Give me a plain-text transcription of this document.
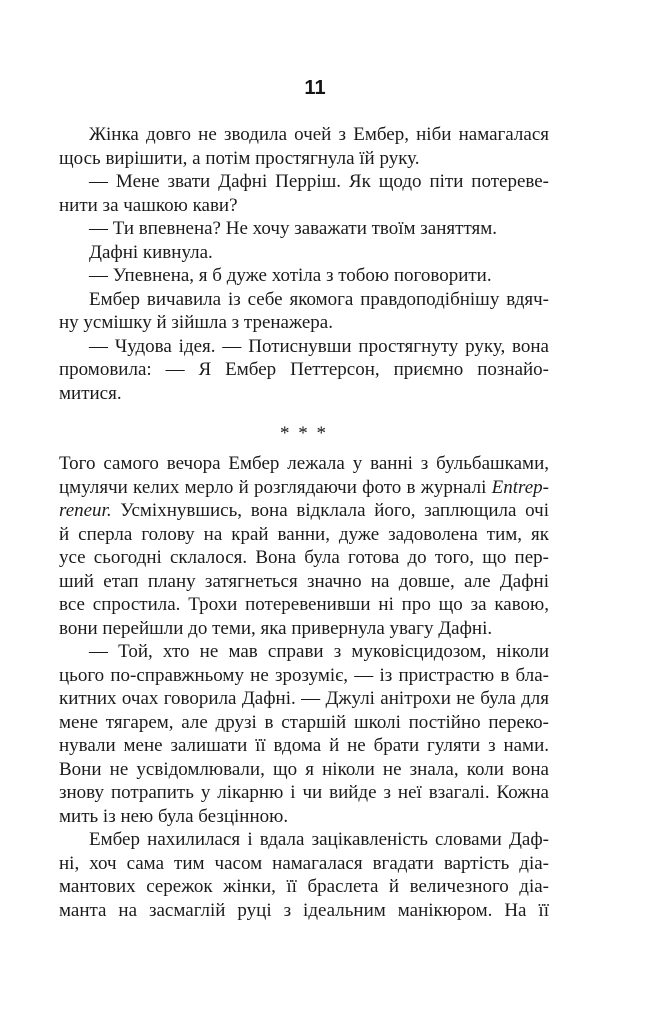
11
Жінка довго не зводила очей з Ембер, ніби намагалася
щось вирішити, а потім простягнула їй руку.
— Мене звати Дафні Перріш. Як щодо піти потереве-
нити за чашкою кави?
— Ти впевнена? Не хочу заважати твоїм заняттям.
Дафні кивнула.
— Упевнена, я б дуже хотіла з тобою поговорити.
Ембер вичавила із себе якомога правдоподібнішу вдяч-
ну усмішку й зійшла з тренажера.
— Чудова ідея. — Потиснувши простягнуту руку, вона
промовила: — Я Ембер Петтерсон, приємно познайо-
митися.
* * *
Того самого вечора Ембер лежала у ванні з бульбашками,
цмулячи келих мерло й розглядаючи фото в журналі Entrep-
reneur. Усміхнувшись, вона відклала його, заплющила очі
й сперла голову на край ванни, дуже задоволена тим, як
усе сьогодні склалося. Вона була готова до того, що пер-
ший етап плану затягнеться значно на довше, але Дафні
все спростила. Трохи потеревенивши ні про що за кавою,
вони перейшли до теми, яка привернула увагу Дафні.
— Той, хто не мав справи з муковісцидозом, ніколи
цього по-справжньому не зрозуміє, — із пристрастю в бла-
китних очах говорила Дафні. — Джулі анітрохи не була для
мене тягарем, але друзі в старшій школі постійно переко-
нували мене залишати її вдома й не брати гуляти з нами.
Вони не усвідомлювали, що я ніколи не знала, коли вона
знову потрапить у лікарню і чи вийде з неї взагалі. Кожна
мить із нею була безцінною.
Ембер нахилилася і вдала зацікавленість словами Даф-
ні, хоч сама тим часом намагалася вгадати вартість діа-
мантових сережок жінки, її браслета й величезного діа-
манта на засмаглій руці з ідеальним манікюром. На її
